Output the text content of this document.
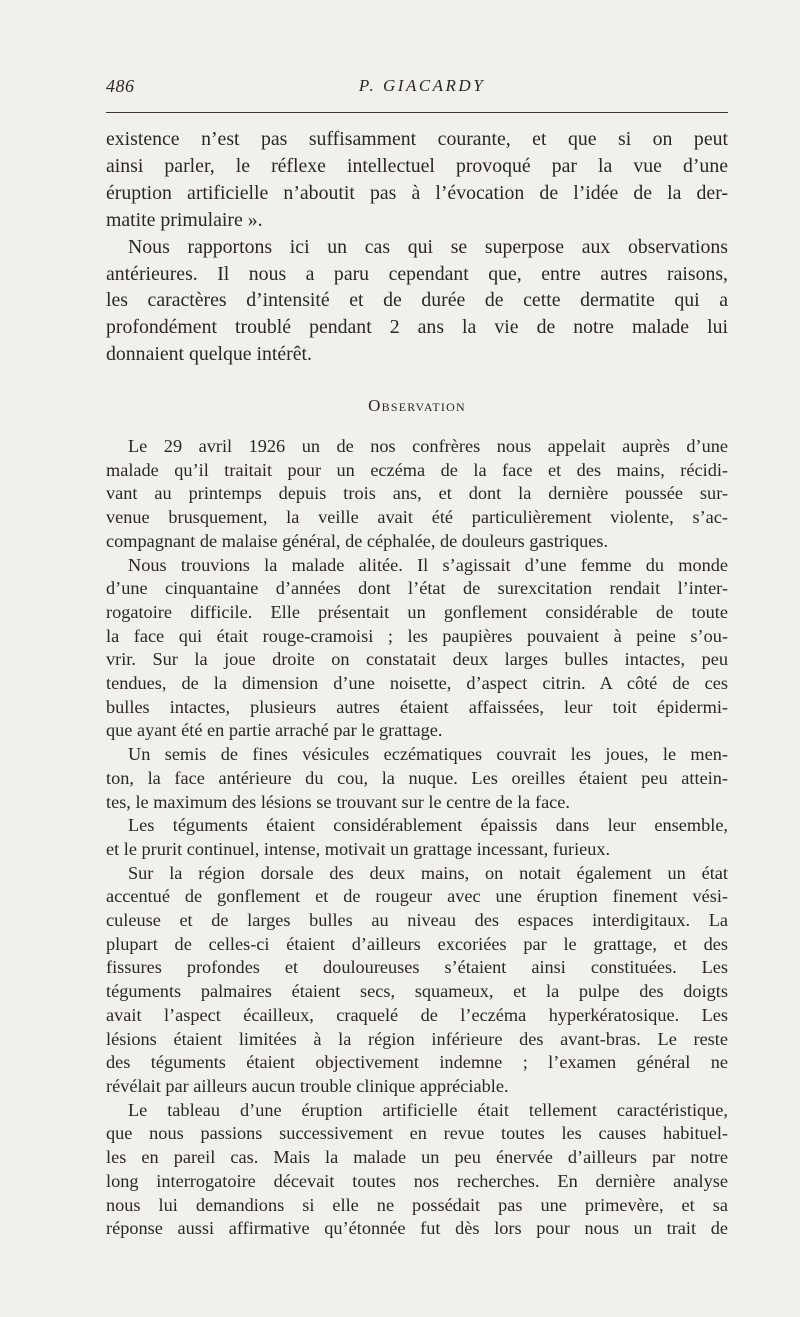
486	P. GIACARDY
existence n’est pas suffisamment courante, et que si on peut
ainsi parler, le réflexe intellectuel provoqué par la vue d’une
éruption artificielle n’aboutit pas à l’évocation de l’idée de la der-
matite primulaire ».
Nous rapportons ici un cas qui se superpose aux observations
antérieures. Il nous a paru cependant que, entre autres raisons,
les caractères d’intensité et de durée de cette dermatite qui a
profondément troublé pendant 2 ans la vie de notre malade lui
donnaient quelque intérêt.
Observation
Le 29 avril 1926 un de nos confrères nous appelait auprès d’une
malade qu’il traitait pour un eczéma de la face et des mains, récidi-
vant au printemps depuis trois ans, et dont la dernière poussée sur-
venue brusquement, la veille avait été particulièrement violente, s’ac-
compagnant de malaise général, de céphalée, de douleurs gastriques.
Nous trouvions la malade alitée. Il s’agissait d’une femme du monde
d’une cinquantaine d’années dont l’état de surexcitation rendait l’inter-
rogatoire difficile. Elle présentait un gonflement considérable de toute
la face qui était rouge-cramoisi ; les paupières pouvaient à peine s’ou-
vrir. Sur la joue droite on constatait deux larges bulles intactes, peu
tendues, de la dimension d’une noisette, d’aspect citrin. A côté de ces
bulles intactes, plusieurs autres étaient affaissées, leur toit épidermi-
que ayant été en partie arraché par le grattage.
Un semis de fines vésicules eczématiques couvrait les joues, le men-
ton, la face antérieure du cou, la nuque. Les oreilles étaient peu attein-
tes, le maximum des lésions se trouvant sur le centre de la face.
Les téguments étaient considérablement épaissis dans leur ensemble,
et le prurit continuel, intense, motivait un grattage incessant, furieux.
Sur la région dorsale des deux mains, on notait également un état
accentué de gonflement et de rougeur avec une éruption finement vési-
culeuse et de larges bulles au niveau des espaces interdigitaux. La
plupart de celles-ci étaient d’ailleurs excoriées par le grattage, et des
fissures profondes et douloureuses s’étaient ainsi constituées. Les
téguments palmaires étaient secs, squameux, et la pulpe des doigts
avait l’aspect écailleux, craquelé de l’eczéma hyperkératosique. Les
lésions étaient limitées à la région inférieure des avant-bras. Le reste
des téguments étaient objectivement indemne ; l’examen général ne
révélait par ailleurs aucun trouble clinique appréciable.
Le tableau d’une éruption artificielle était tellement caractéristique,
que nous passions successivement en revue toutes les causes habituel-
les en pareil cas. Mais la malade un peu énervée d’ailleurs par notre
long interrogatoire décevait toutes nos recherches. En dernière analyse
nous lui demandions si elle ne possédait pas une primevère, et sa
réponse aussi affirmative qu’étonnée fut dès lors pour nous un trait de
